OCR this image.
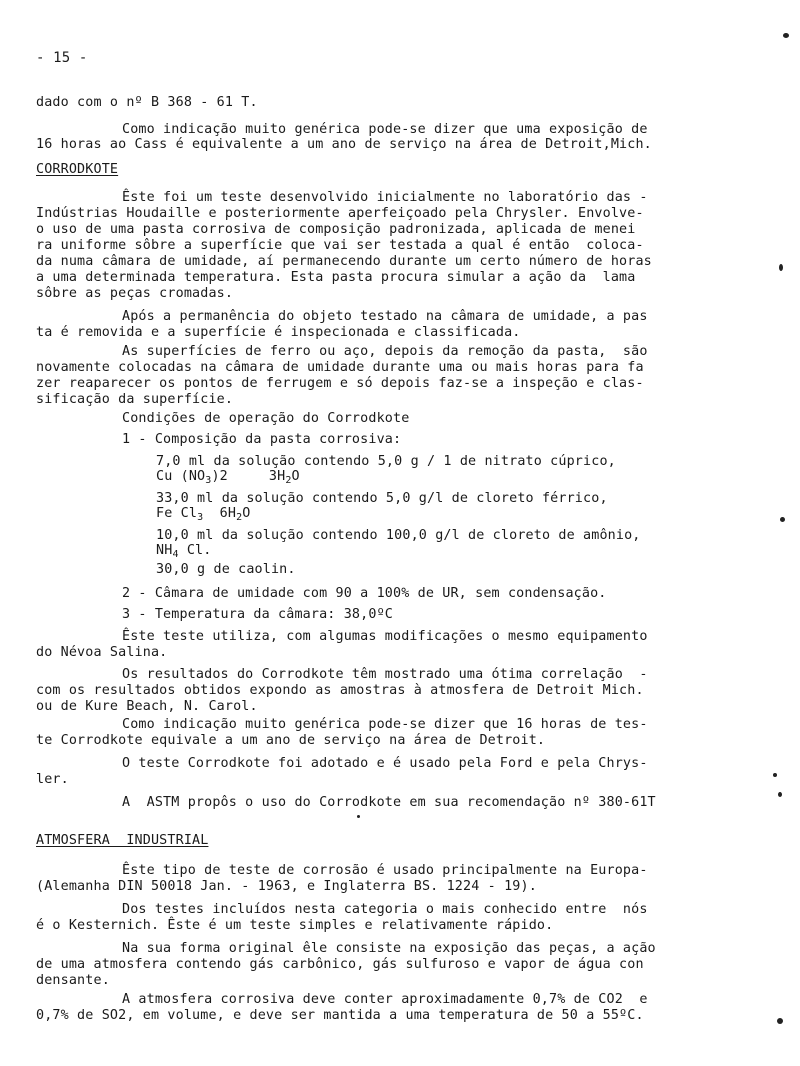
- 15 -
dado com o nº B 368 - 61 T.
Como indicação muito genérica pode-se dizer que uma exposição de
16 horas ao Cass é equivalente a um ano de serviço na área de Detroit,Mich.
CORRODKOTE
Êste foi um teste desenvolvido inicialmente no laboratório das -
Indústrias Houdaille e posteriormente aperfeiçoado pela Chrysler. Envolve-
o uso de uma pasta corrosiva de composição padronizada, aplicada de menei
ra uniforme sôbre a superfície que vai ser testada a qual é então  coloca-
da numa câmara de umidade, aí permanecendo durante um certo número de horas
a uma determinada temperatura. Esta pasta procura simular a ação da  lama
sôbre as peças cromadas.
Após a permanência do objeto testado na câmara de umidade, a pas
ta é removida e a superfície é inspecionada e classificada.
As superfícies de ferro ou aço, depois da remoção da pasta,  são
novamente colocadas na câmara de umidade durante uma ou mais horas para fa
zer reaparecer os pontos de ferrugem e só depois faz-se a inspeção e clas-
sificação da superfície.
Condições de operação do Corrodkote
1 - Composição da pasta corrosiva:
7,0 ml da solução contendo 5,0 g / 1 de nitrato cúprico,
Cu $(NO_3)2$     $3H_2O$
33,0 ml da solução contendo 5,0 g/l de cloreto férrico,
Fe $Cl_3$  $6H_2O$
10,0 ml da solução contendo 100,0 g/l de cloreto de amônio,
$NH_4$ Cl.
30,0 g de caolin.
2 - Câmara de umidade com 90 a 100% de UR, sem condensação.
3 - Temperatura da câmara: 38,0ºC
Êste teste utiliza, com algumas modificações o mesmo equipamento
do Névoa Salina.
Os resultados do Corrodkote têm mostrado uma ótima correlação  -
com os resultados obtidos expondo as amostras à atmosfera de Detroit Mich.
ou de Kure Beach, N. Carol.
Como indicação muito genérica pode-se dizer que 16 horas de tes-
te Corrodkote equivale a um ano de serviço na área de Detroit.
O teste Corrodkote foi adotado e é usado pela Ford e pela Chrys-
ler.
A  ASTM propôs o uso do Corrodkote em sua recomendação nº 380-61T
ATMOSFERA  INDUSTRIAL
Êste tipo de teste de corrosão é usado principalmente na Europa-
(Alemanha DIN 50018 Jan. - 1963, e Inglaterra BS. 1224 - 19).
Dos testes incluídos nesta categoria o mais conhecido entre  nós
é o Kesternich. Êste é um teste simples e relativamente rápido.
Na sua forma original êle consiste na exposição das peças, a ação
de uma atmosfera contendo gás carbônico, gás sulfuroso e vapor de água con
densante.
A atmosfera corrosiva deve conter aproximadamente 0,7% de CO2  e
0,7% de SO2, em volume, e deve ser mantida a uma temperatura de 50 a 55ºC.
